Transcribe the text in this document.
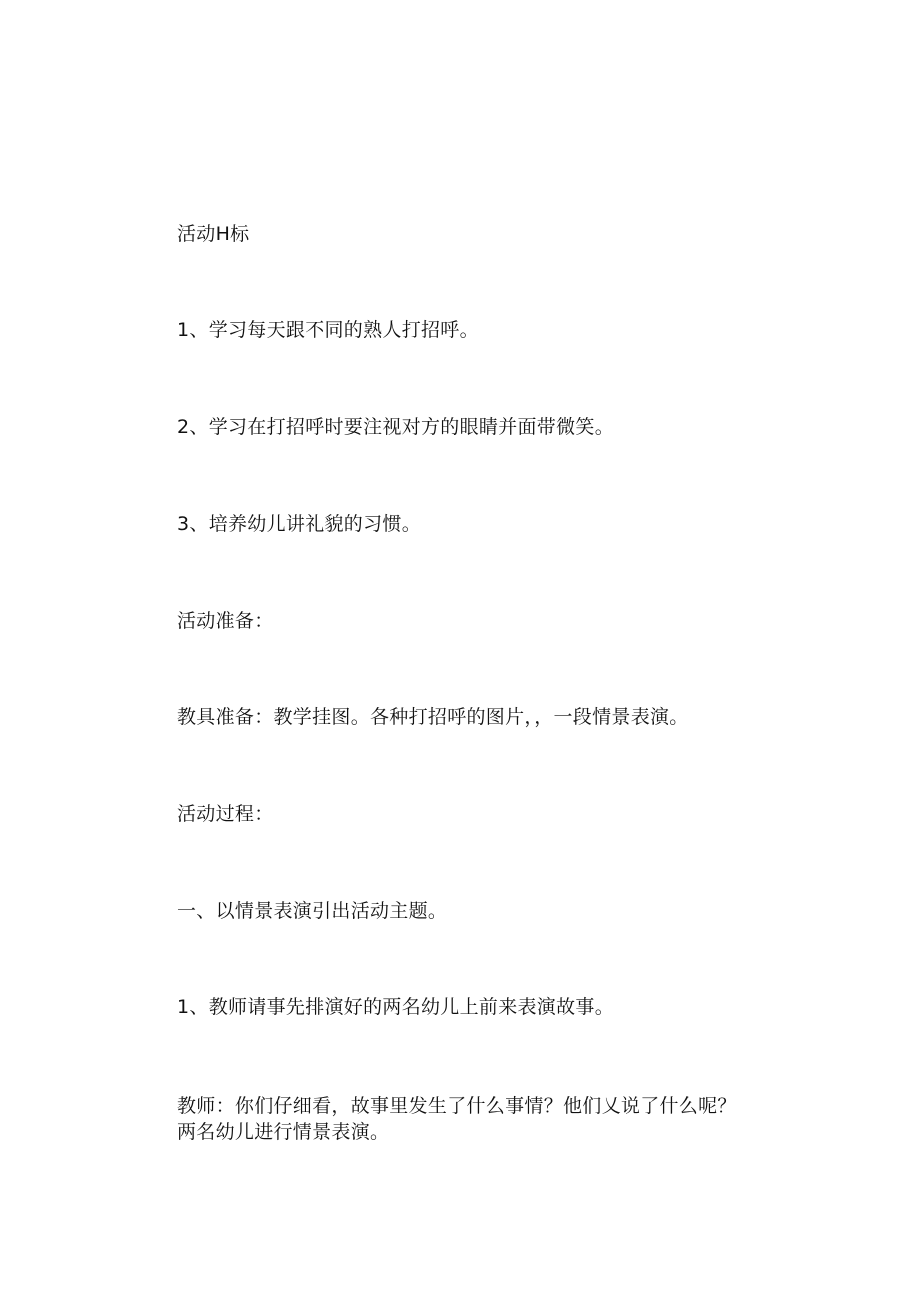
活动H标
1、学习每天跟不同的熟人打招呼。
2、学习在打招呼时要注视对方的眼睛并面带微笑。
3、培养幼儿讲礼貌的习惯。
活动准备：
教具准备：教学挂图。各种打招呼的图片，，一段情景表演。
活动过程：
一、以情景表演引出活动主题。
1、教师请事先排演好的两名幼儿上前来表演故事。
教师：你们仔细看，故事里发生了什么事情？他们乂说了什么呢？
两名幼儿进行情景表演。
